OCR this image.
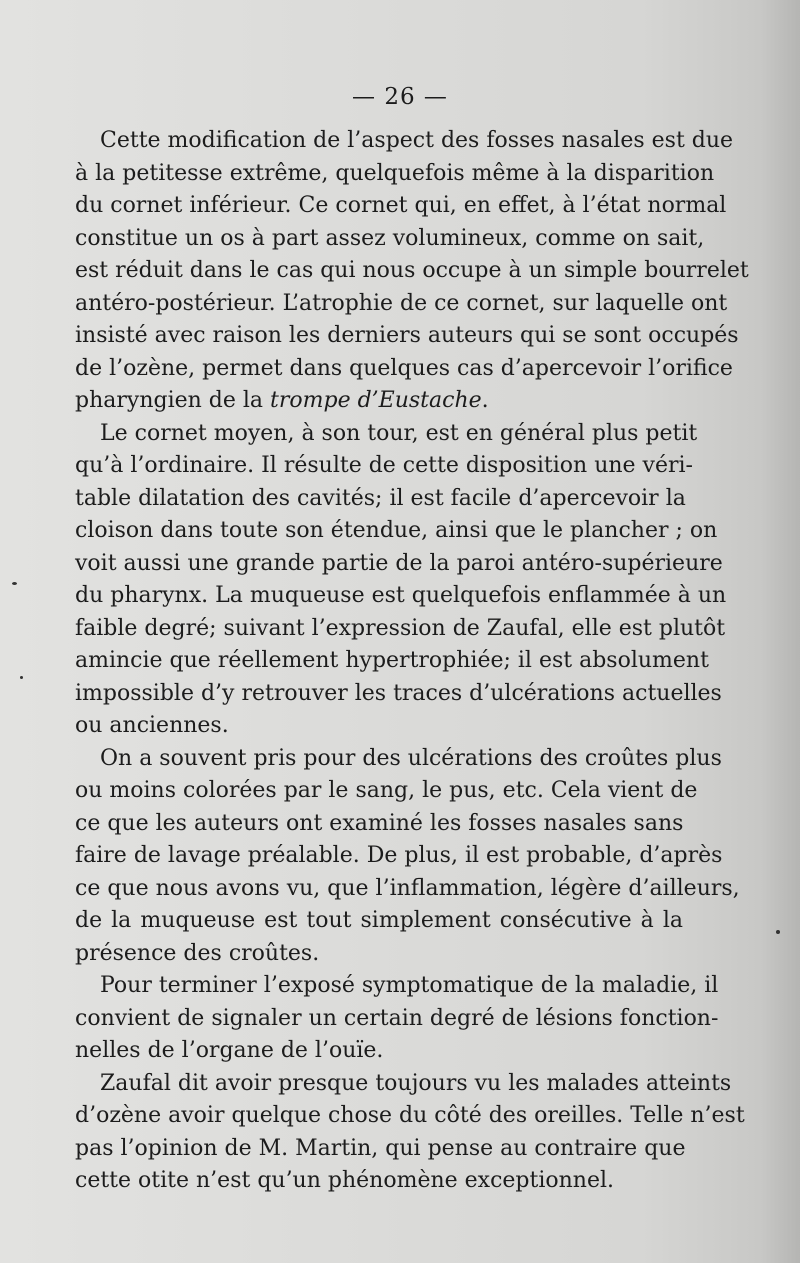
— 26 —
Cette modification de l’aspect des fosses nasales est due
à la petitesse extrême, quelquefois même à la disparition
du cornet inférieur. Ce cornet qui, en effet, à l’état normal
constitue un os à part assez volumineux, comme on sait,
est réduit dans le cas qui nous occupe à un simple bourrelet
antéro-postérieur. L’atrophie de ce cornet, sur laquelle ont
insisté avec raison les derniers auteurs qui se sont occupés
de l’ozène, permet dans quelques cas d’apercevoir l’orifice
pharyngien de la trompe d’Eustache.
Le cornet moyen, à son tour, est en général plus petit
qu’à l’ordinaire. Il résulte de cette disposition une véri-
table dilatation des cavités; il est facile d’apercevoir la
cloison dans toute son étendue, ainsi que le plancher ; on
voit aussi une grande partie de la paroi antéro-supérieure
du pharynx. La muqueuse est quelquefois enflammée à un
faible degré; suivant l’expression de Zaufal, elle est plutôt
amincie que réellement hypertrophiée; il est absolument
impossible d’y retrouver les traces d’ulcérations actuelles
ou anciennes.
On a souvent pris pour des ulcérations des croûtes plus
ou moins colorées par le sang, le pus, etc. Cela vient de
ce que les auteurs ont examiné les fosses nasales sans
faire de lavage préalable. De plus, il est probable, d’après
ce que nous avons vu, que l’inflammation, légère d’ailleurs,
de la muqueuse est tout simplement consécutive à la
présence des croûtes.
Pour terminer l’exposé symptomatique de la maladie, il
convient de signaler un certain degré de lésions fonction-
nelles de l’organe de l’ouïe.
Zaufal dit avoir presque toujours vu les malades atteints
d’ozène avoir quelque chose du côté des oreilles. Telle n’est
pas l’opinion de M. Martin, qui pense au contraire que
cette otite n’est qu’un phénomène exceptionnel.
